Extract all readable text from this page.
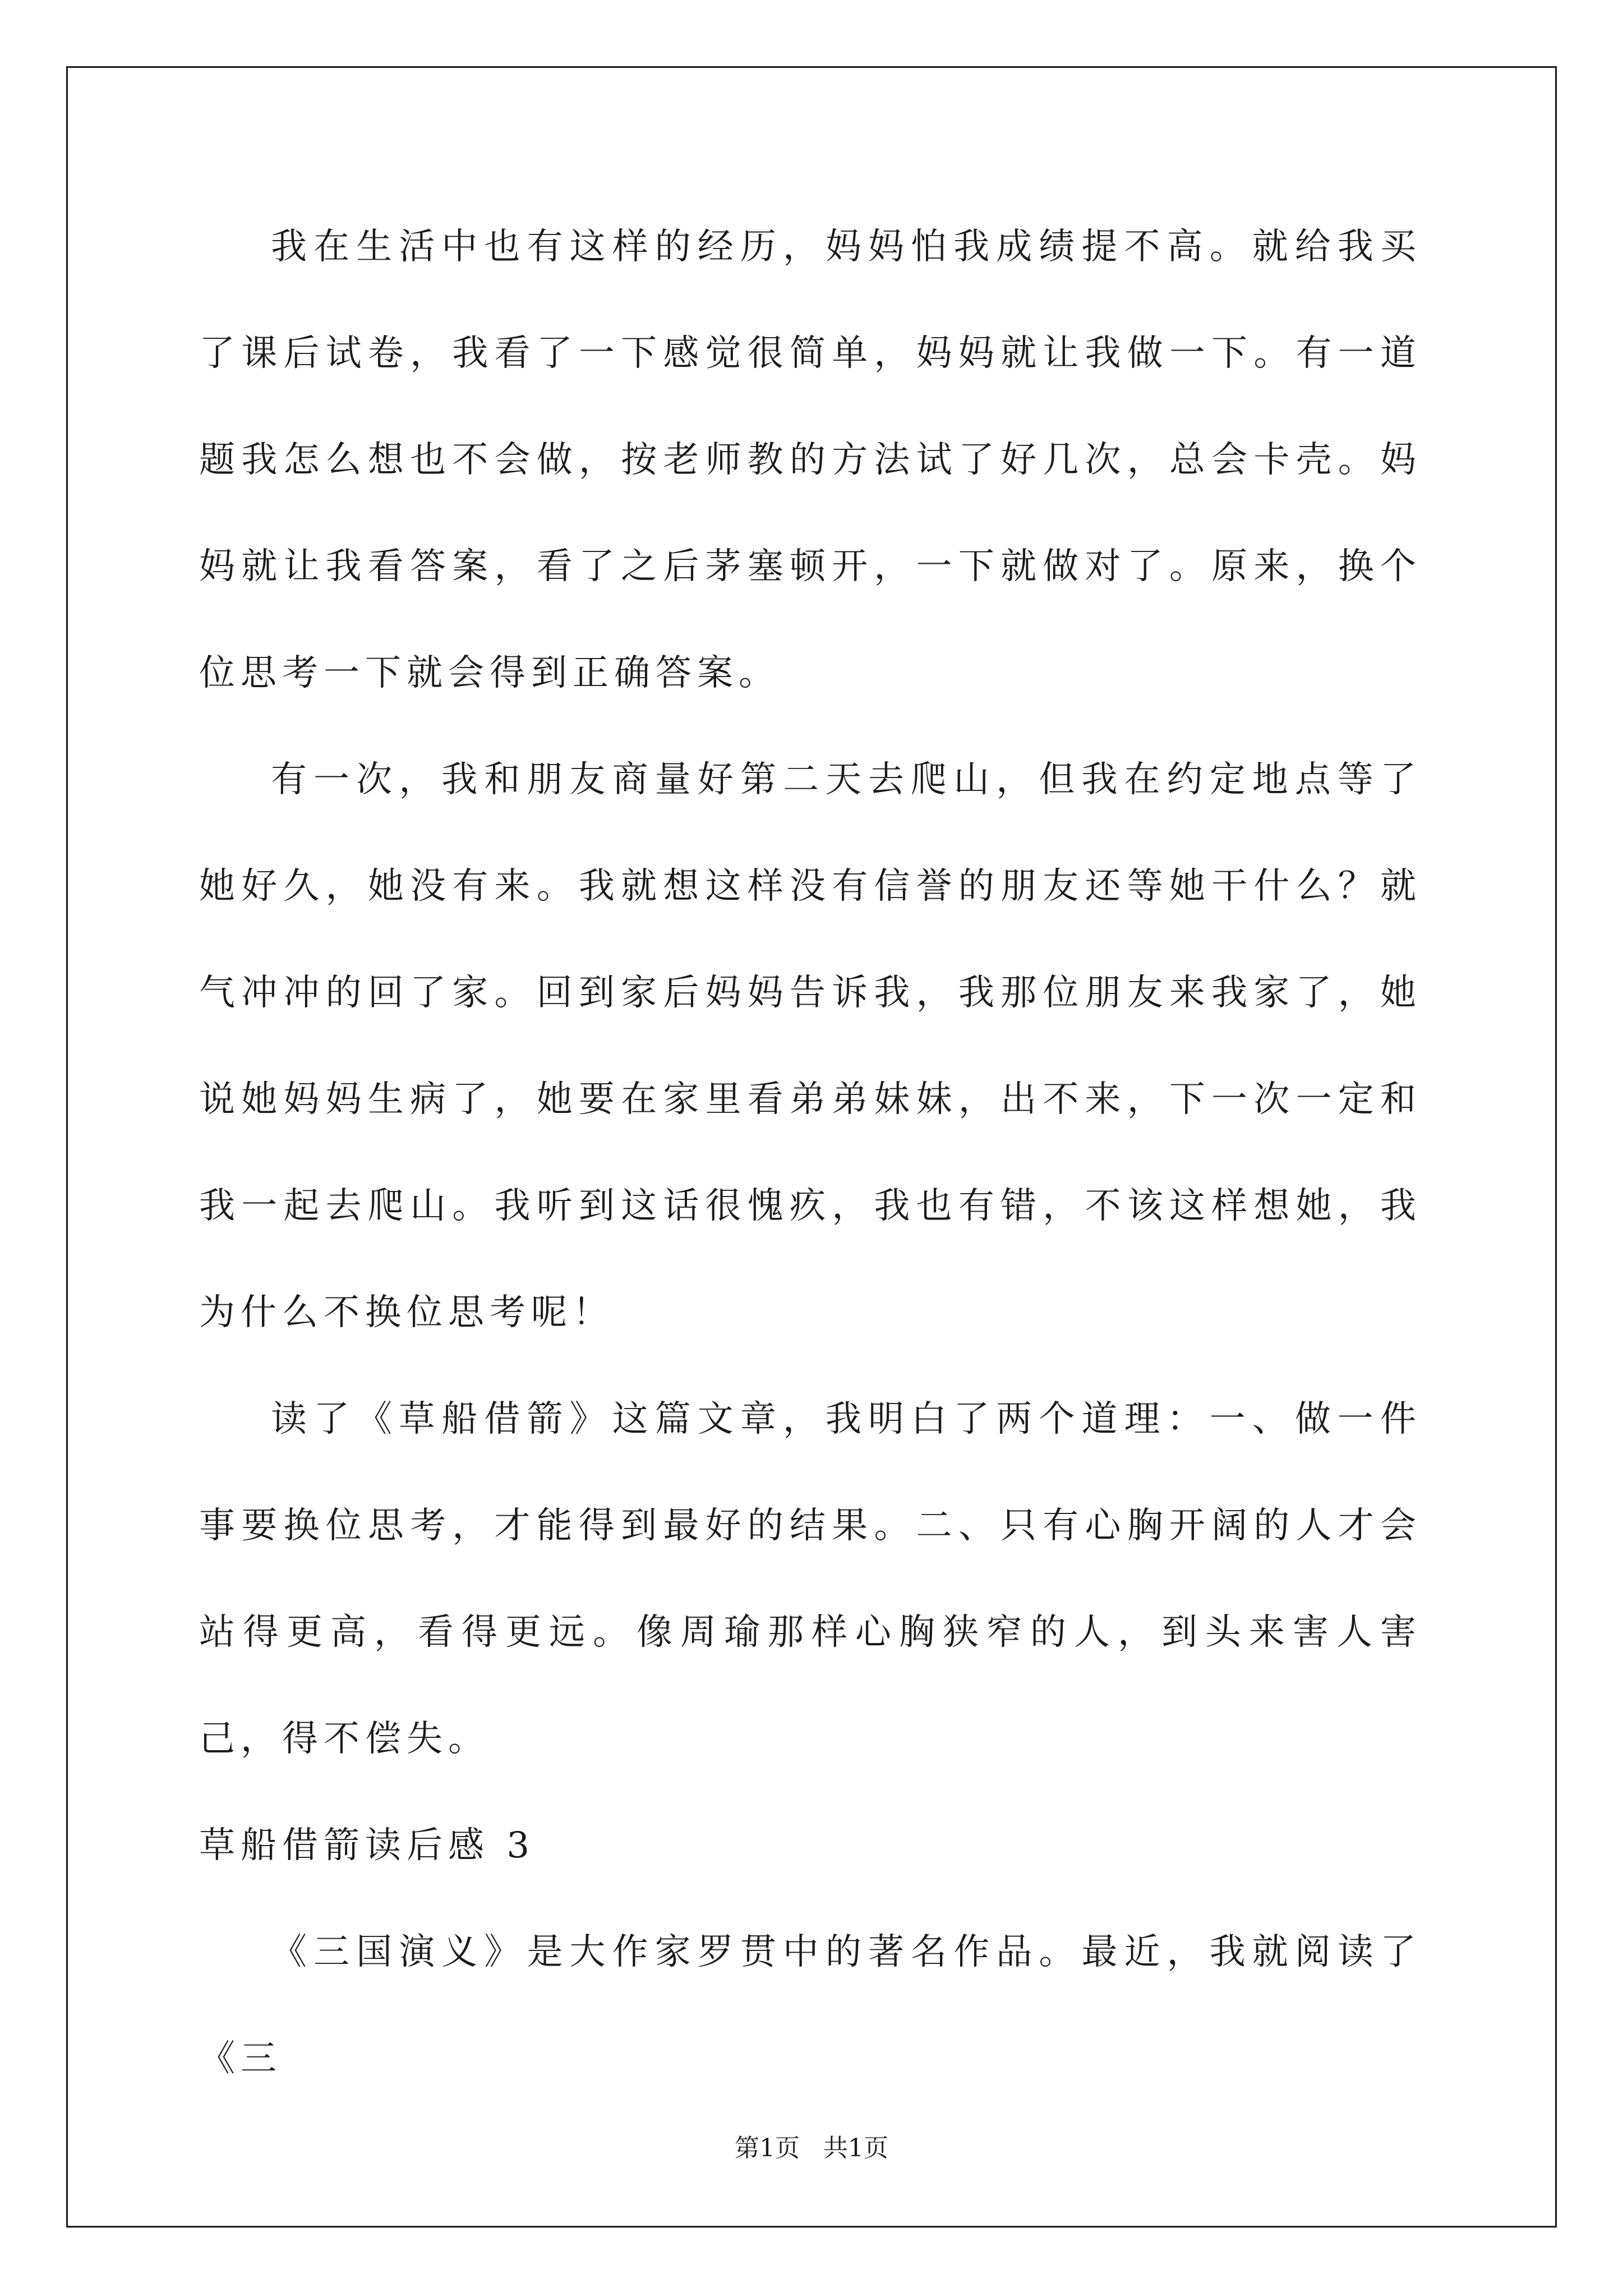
我在生活中也有这样的经历，妈妈怕我成绩提不高。就给我买了课后试卷，我看了一下感觉很简单，妈妈就让我做一下。有一道题我怎么想也不会做，按老师教的方法试了好几次，总会卡壳。妈妈就让我看答案，看了之后茅塞顿开，一下就做对了。原来，换个位思考一下就会得到正确答案。

有一次，我和朋友商量好第二天去爬山，但我在约定地点等了她好久，她没有来。我就想这样没有信誉的朋友还等她干什么？就气冲冲的回了家。回到家后妈妈告诉我，我那位朋友来我家了，她说她妈妈生病了，她要在家里看弟弟妹妹，出不来，下一次一定和我一起去爬山。我听到这话很愧疚，我也有错，不该这样想她，我为什么不换位思考呢！

读了《草船借箭》这篇文章，我明白了两个道理：一、做一件事要换位思考，才能得到最好的结果。二、只有心胸开阔的人才会站得更高，看得更远。像周瑜那样心胸狭窄的人，到头来害人害己，得不偿失。

草船借箭读后感 3

《三国演义》是大作家罗贯中的著名作品。最近，我就阅读了《三

第1页   共1页
